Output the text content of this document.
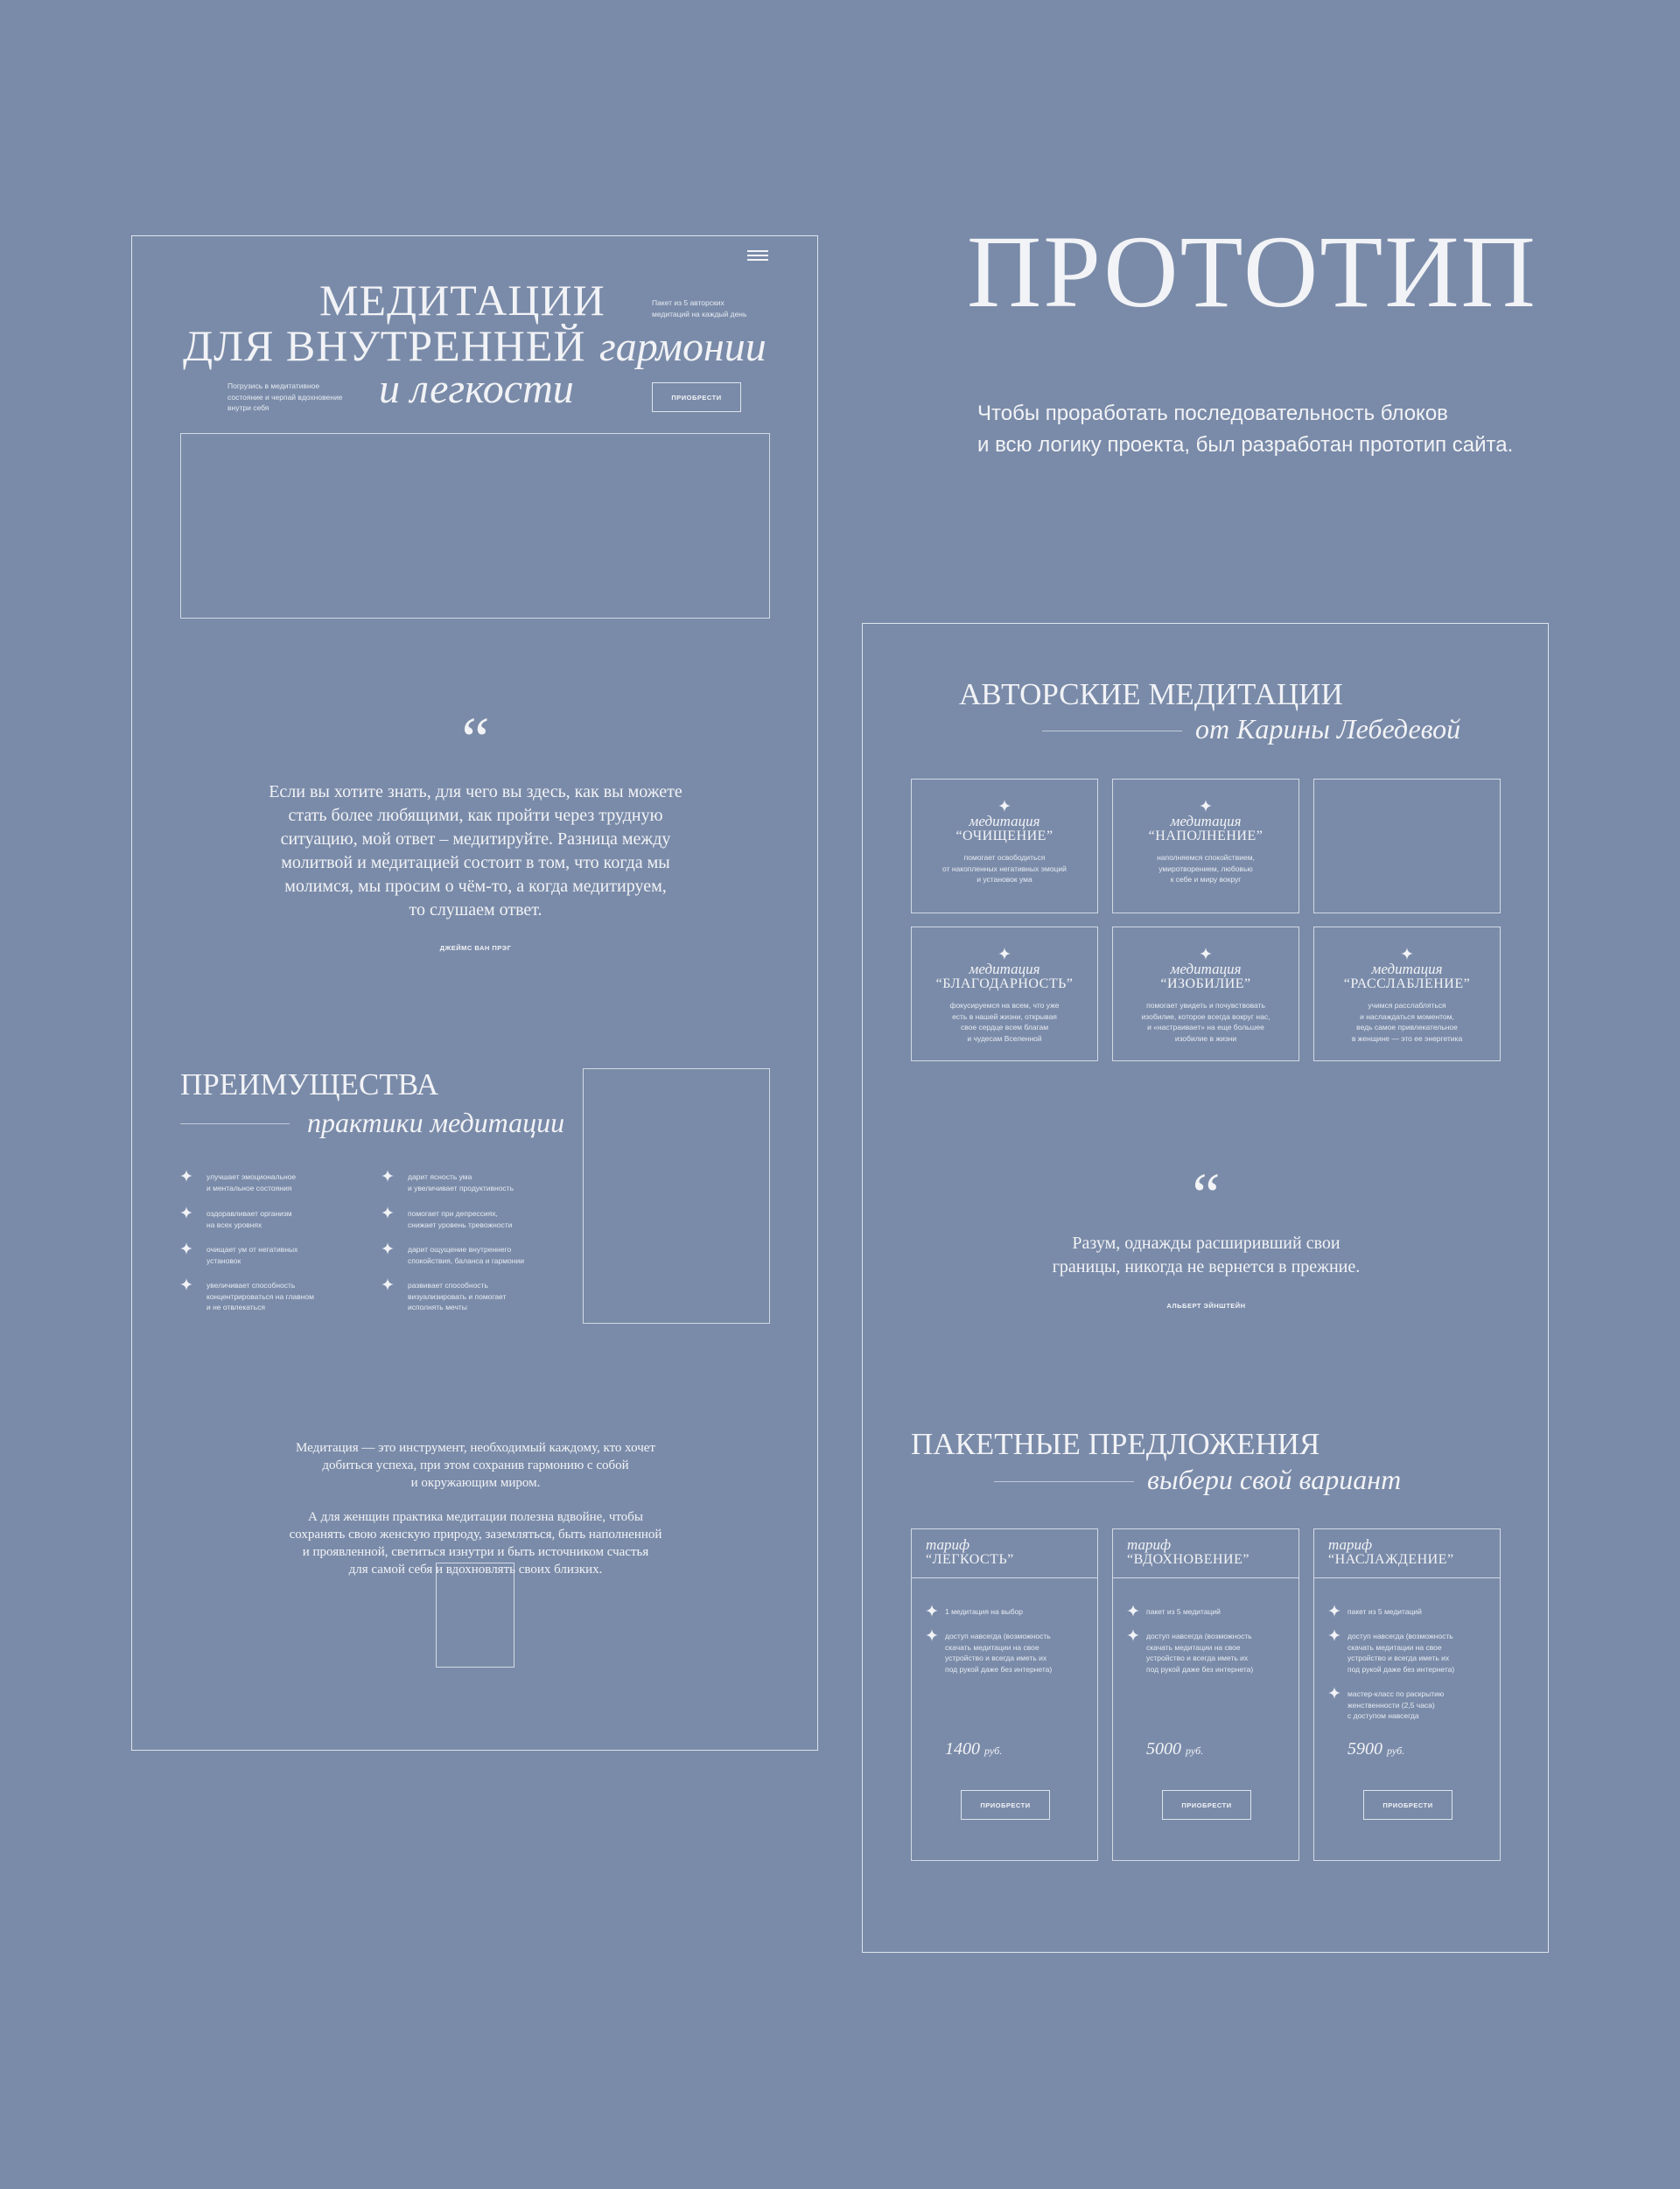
ПРОТОТИП
Чтобы проработать последовательность блоков
и всю логику проекта, был разработан прототип сайта.
МЕДИТАЦИИ
ДЛЯ ВНУТРЕННЕЙ гармонии
и легкости
Пакет из 5 авторских
медитаций на каждый день
Погрузись в медитативное
состояние и черпай вдохновение
внутри себя
ПРИОБРЕСТИ
“
Если вы хотите знать, для чего вы здесь, как вы можете
стать более любящими, как пройти через трудную
ситуацию, мой ответ – медитируйте. Разница между
молитвой и медитацией состоит в том, что когда мы
молимся, мы просим о чём-то, а когда медитируем,
то слушаем ответ.
ДЖЕЙМС ВАН ПРЭГ
ПРЕИМУЩЕСТВА
практики медитации
улучшает эмоциональное
и ментальное состояния
оздоравливает организм
на всех уровнях
очищает ум от негативных
установок
увеличивает способность
концентрироваться на главном
и не отвлекаться
дарит ясность ума
и увеличивает продуктивность
помогает при депрессиях,
снижает уровень тревожности
дарит ощущение внутреннего
спокойствия, баланса и гармонии
развивает способность
визуализировать и помогает
исполнять мечты
Медитация — это инструмент, необходимый каждому, кто хочет
добиться успеха, при этом сохранив гармонию с собой
и окружающим миром.
А для женщин практика медитации полезна вдвойне, чтобы
сохранять свою женскую природу, заземляться, быть наполненной
и проявленной, светиться изнутри и быть источником счастья
для самой себя и вдохновлять своих близких.
АВТОРСКИЕ МЕДИТАЦИИ
от Карины Лебедевой
медитация
“ОЧИЩЕНИЕ”
помогает освободиться
от накопленных негативных эмоций
и установок ума
медитация
“НАПОЛНЕНИЕ”
наполняемся спокойствием,
умиротворением, любовью
к себе и миру вокруг
медитация
“БЛАГОДАРНОСТЬ”
фокусируемся на всем, что уже
есть в нашей жизни, открывая
свое сердце всем благам
и чудесам Вселенной
медитация
“ИЗОБИЛИЕ”
помогает увидеть и почувствовать
изобилие, которое всегда вокруг нас,
и «настраивает» на еще большее
изобилие в жизни
медитация
“РАССЛАБЛЕНИЕ”
учимся расслабляться
и наслаждаться моментом,
ведь самое привлекательное
в женщине — это ее энергетика
“
Разум, однажды расширивший свои
границы, никогда не вернется в прежние.
АЛЬБЕРТ ЭЙНШТЕЙН
ПАКЕТНЫЕ ПРЕДЛОЖЕНИЯ
выбери свой вариант
тариф
“ЛЕГКОСТЬ”
1 медитация на выбор
доступ навсегда (возможность
скачать медитации на свое
устройство и всегда иметь их
под рукой даже без интернета)
1400 руб.
ПРИОБРЕСТИ
тариф
“ВДОХНОВЕНИЕ”
пакет из 5 медитаций
доступ навсегда (возможность
скачать медитации на свое
устройство и всегда иметь их
под рукой даже без интернета)
5000 руб.
ПРИОБРЕСТИ
тариф
“НАСЛАЖДЕНИЕ”
пакет из 5 медитаций
доступ навсегда (возможность
скачать медитации на свое
устройство и всегда иметь их
под рукой даже без интернета)
мастер-класс по раскрытию
женственности (2,5 часа)
с доступом навсегда
5900 руб.
ПРИОБРЕСТИ
